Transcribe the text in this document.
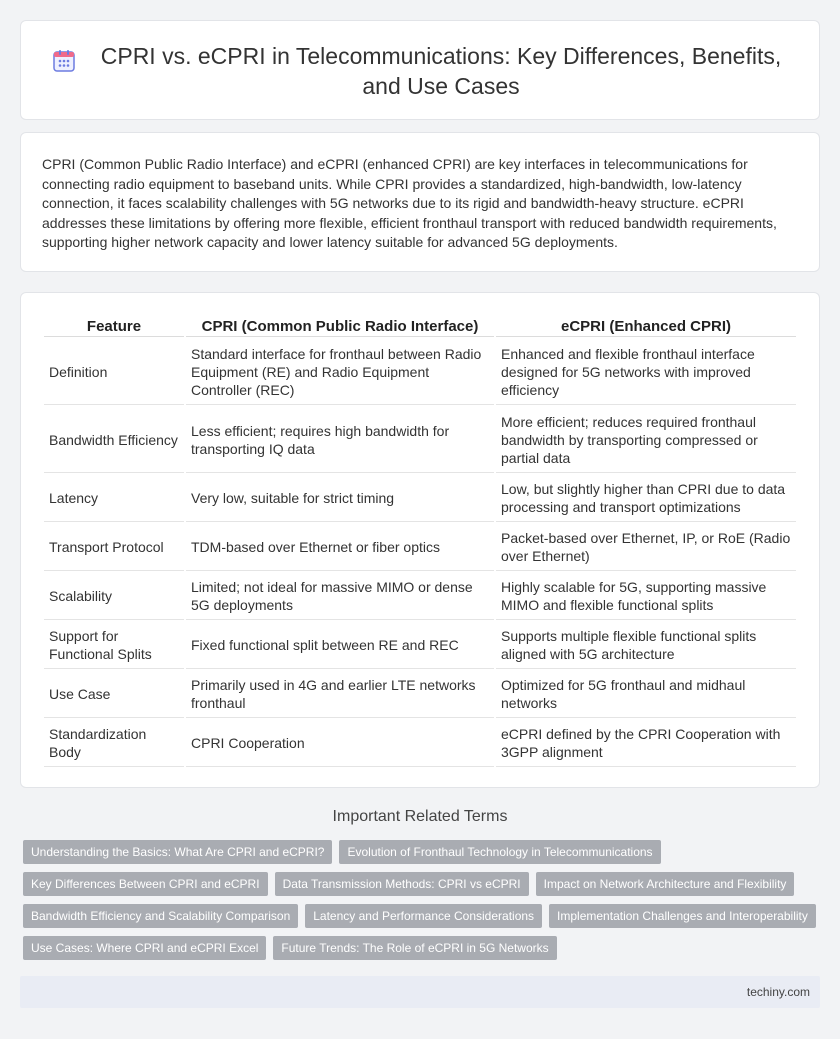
CPRI vs. eCPRI in Telecommunications: Key Differences, Benefits, and Use Cases

CPRI (Common Public Radio Interface) and eCPRI (enhanced CPRI) are key interfaces in telecommunications for connecting radio equipment to baseband units. While CPRI provides a standardized, high-bandwidth, low-latency connection, it faces scalability challenges with 5G networks due to its rigid and bandwidth-heavy structure. eCPRI addresses these limitations by offering more flexible, efficient fronthaul transport with reduced bandwidth requirements, supporting higher network capacity and lower latency suitable for advanced 5G deployments.

Feature	CPRI (Common Public Radio Interface)	eCPRI (Enhanced CPRI)
Definition	Standard interface for fronthaul between Radio Equipment (RE) and Radio Equipment Controller (REC)	Enhanced and flexible fronthaul interface designed for 5G networks with improved efficiency
Bandwidth Efficiency	Less efficient; requires high bandwidth for transporting IQ data	More efficient; reduces required fronthaul bandwidth by transporting compressed or partial data
Latency	Very low, suitable for strict timing	Low, but slightly higher than CPRI due to data processing and transport optimizations
Transport Protocol	TDM-based over Ethernet or fiber optics	Packet-based over Ethernet, IP, or RoE (Radio over Ethernet)
Scalability	Limited; not ideal for massive MIMO or dense 5G deployments	Highly scalable for 5G, supporting massive MIMO and flexible functional splits
Support for Functional Splits	Fixed functional split between RE and REC	Supports multiple flexible functional splits aligned with 5G architecture
Use Case	Primarily used in 4G and earlier LTE networks fronthaul	Optimized for 5G fronthaul and midhaul networks
Standardization Body	CPRI Cooperation	eCPRI defined by the CPRI Cooperation with 3GPP alignment
Important Related Terms
Understanding the Basics: What Are CPRI and eCPRI?	Evolution of Fronthaul Technology in Telecommunications
Key Differences Between CPRI and eCPRI	Data Transmission Methods: CPRI vs eCPRI	Impact on Network Architecture and Flexibility
Bandwidth Efficiency and Scalability Comparison	Latency and Performance Considerations	Implementation Challenges and Interoperability
Use Cases: Where CPRI and eCPRI Excel	Future Trends: The Role of eCPRI in 5G Networks
techiny.com
